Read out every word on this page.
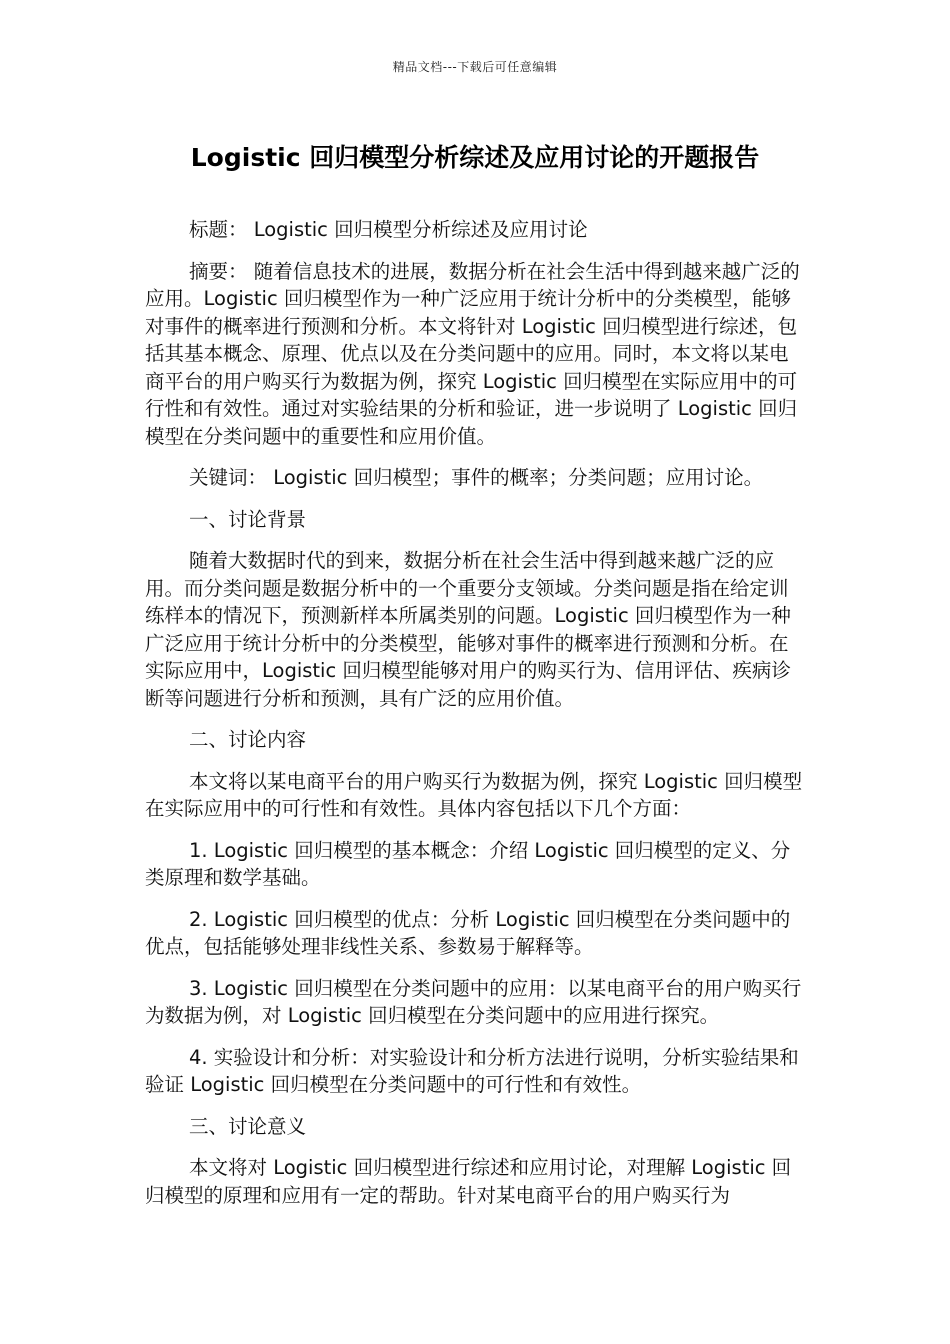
精品文档---下载后可任意编辑
Logistic 回归模型分析综述及应用讨论的开题报告

标题： Logistic 回归模型分析综述及应用讨论

摘要： 随着信息技术的进展，数据分析在社会生活中得到越来越广泛的应用。Logistic 回归模型作为一种广泛应用于统计分析中的分类模型，能够对事件的概率进行预测和分析。本文将针对 Logistic 回归模型进行综述，包括其基本概念、原理、优点以及在分类问题中的应用。同时，本文将以某电商平台的用户购买行为数据为例，探究 Logistic 回归模型在实际应用中的可行性和有效性。通过对实验结果的分析和验证，进一步说明了 Logistic 回归模型在分类问题中的重要性和应用价值。

关键词： Logistic 回归模型；事件的概率；分类问题；应用讨论。

一、讨论背景

随着大数据时代的到来，数据分析在社会生活中得到越来越广泛的应用。而分类问题是数据分析中的一个重要分支领域。分类问题是指在给定训练样本的情况下，预测新样本所属类别的问题。Logistic 回归模型作为一种广泛应用于统计分析中的分类模型，能够对事件的概率进行预测和分析。在实际应用中，Logistic 回归模型能够对用户的购买行为、信用评估、疾病诊断等问题进行分析和预测，具有广泛的应用价值。

二、讨论内容

本文将以某电商平台的用户购买行为数据为例，探究 Logistic 回归模型在实际应用中的可行性和有效性。具体内容包括以下几个方面：

1. Logistic 回归模型的基本概念：介绍 Logistic 回归模型的定义、分类原理和数学基础。

2. Logistic 回归模型的优点：分析 Logistic 回归模型在分类问题中的优点，包括能够处理非线性关系、参数易于解释等。

3. Logistic 回归模型在分类问题中的应用：以某电商平台的用户购买行为数据为例，对 Logistic 回归模型在分类问题中的应用进行探究。

4. 实验设计和分析：对实验设计和分析方法进行说明，分析实验结果和验证 Logistic 回归模型在分类问题中的可行性和有效性。

三、讨论意义

本文将对 Logistic 回归模型进行综述和应用讨论，对理解 Logistic 回归模型的原理和应用有一定的帮助。针对某电商平台的用户购买行为
